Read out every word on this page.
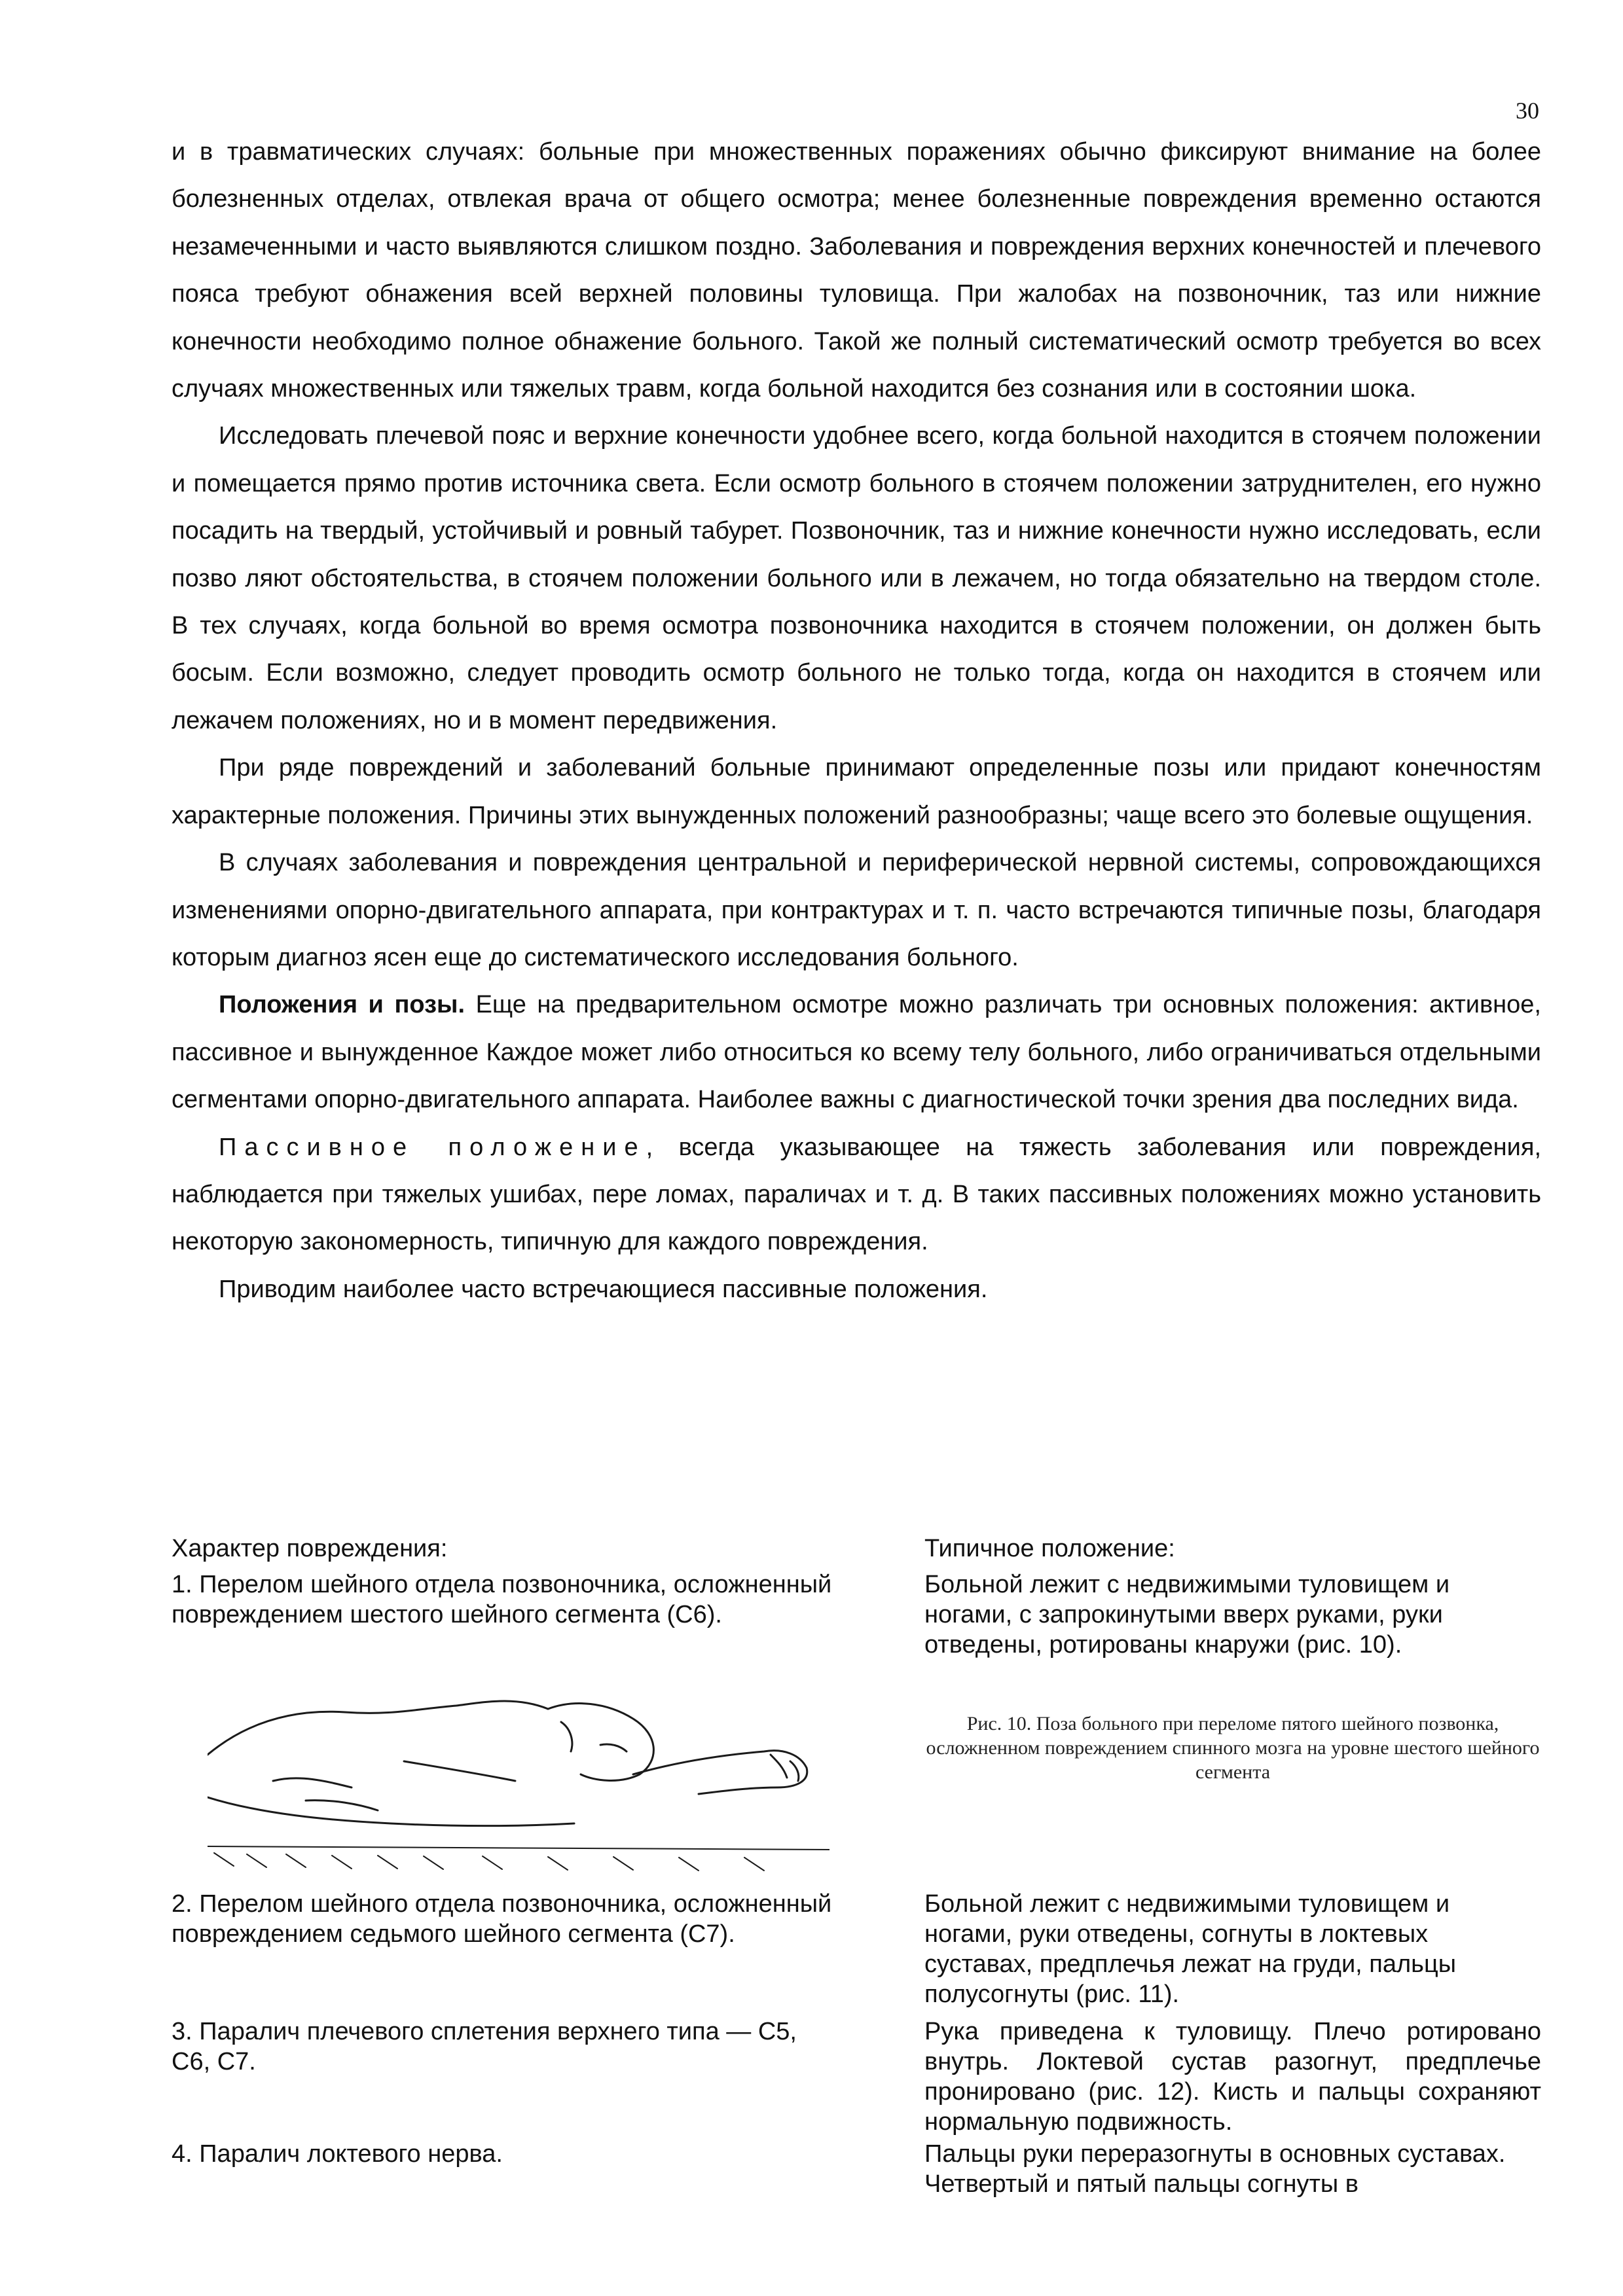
30

и в травматических случаях: больные при множественных поражениях обычно фиксируют внимание на более болезненных отделах, отвлекая врача от общего осмотра; менее болезненные повреждения временно остаются незамеченными и часто выявляются слишком поздно. Заболевания и повреждения верхних конечностей и плечевого пояса требуют обнажения всей верхней половины туловища. При жалобах на позвоночник, таз или нижние конечности необходимо полное обнажение больного. Такой же полный систематический осмотр требуется во всех случаях множественных или тяжелых травм, когда больной находится без сознания или в состоянии шока.

Исследовать плечевой пояс и верхние конечности удобнее всего, когда больной находится в стоячем положении и помещается прямо против источника света. Если осмотр больного в стоячем положении затруднителен, его нужно посадить на твердый, устойчивый и ровный табурет. Позвоночник, таз и нижние конечности нужно исследовать, если позво ляют обстоятельства, в стоячем положении больного или в лежачем, но тогда обязательно на твердом столе. В тех случаях, когда больной во время осмотра позвоночника находится в стоячем положении, он должен быть босым. Если возможно, следует проводить осмотр больного не только тогда, когда он находится в стоячем или лежачем положениях, но и в момент передвижения.

При ряде повреждений и заболеваний больные принимают определенные позы или придают конечностям характерные положения. Причины этих вынужденных положений разнообразны; чаще всего это болевые ощущения.

В случаях заболевания и повреждения центральной и периферической нервной системы, сопровождающихся изменениями опорно-двигательного аппарата, при контрактурах и т. п. часто встречаются типичные позы, благодаря которым диагноз ясен еще до систематического исследования больного.

Положения и позы. Еще на предварительном осмотре можно различать три основных положения: активное, пассивное и вынужденное Каждое может либо относиться ко всему телу больного, либо ограничиваться отдельными сегментами опорно-двигательного аппарата. Наиболее важны с диагностической точки зрения два последних вида.

Пассивное положение, всегда указывающее на тяжесть заболевания или повреждения, наблюдается при тяжелых ушибах, пере ломах, параличах и т. д. В таких пассивных положениях можно установить некоторую закономерность, типичную для каждого повреждения.

Приводим наиболее часто встречающиеся пассивные положения.

Характер повреждения:	Типичное положение:

1. Перелом шейного отдела позвоночника, осложненный повреждением шестого шейного сегмента (С6).

Больной лежит с недвижимыми туловищем и ногами, с запрокинутыми вверх руками, руки отведены, ротированы кнаружи (рис. 10).

Рис. 10. Поза больного при переломе пятого шейного позвонка, осложненном повреждением спинного мозга на уровне шестого шейного сегмента

2. Перелом шейного отдела позвоночника, осложненный повреждением седьмого шейного сегмента (С7).

Больной лежит с недвижимыми туловищем и ногами, руки отведены, согнуты в локтевых суставах, предплечья лежат на груди, пальцы полусогнуты (рис. 11).

3. Паралич плечевого сплетения верхнего типа — С5, С6, С7.

Рука приведена к туловищу. Плечо ротировано внутрь. Локтевой сустав разогнут, предплечье пронировано (рис. 12). Кисть и пальцы сохраняют нормальную подвижность.

4. Паралич локтевого нерва.	Пальцы руки переразогнуты в основных суставах. Четвертый и пятый пальцы согнуты в
